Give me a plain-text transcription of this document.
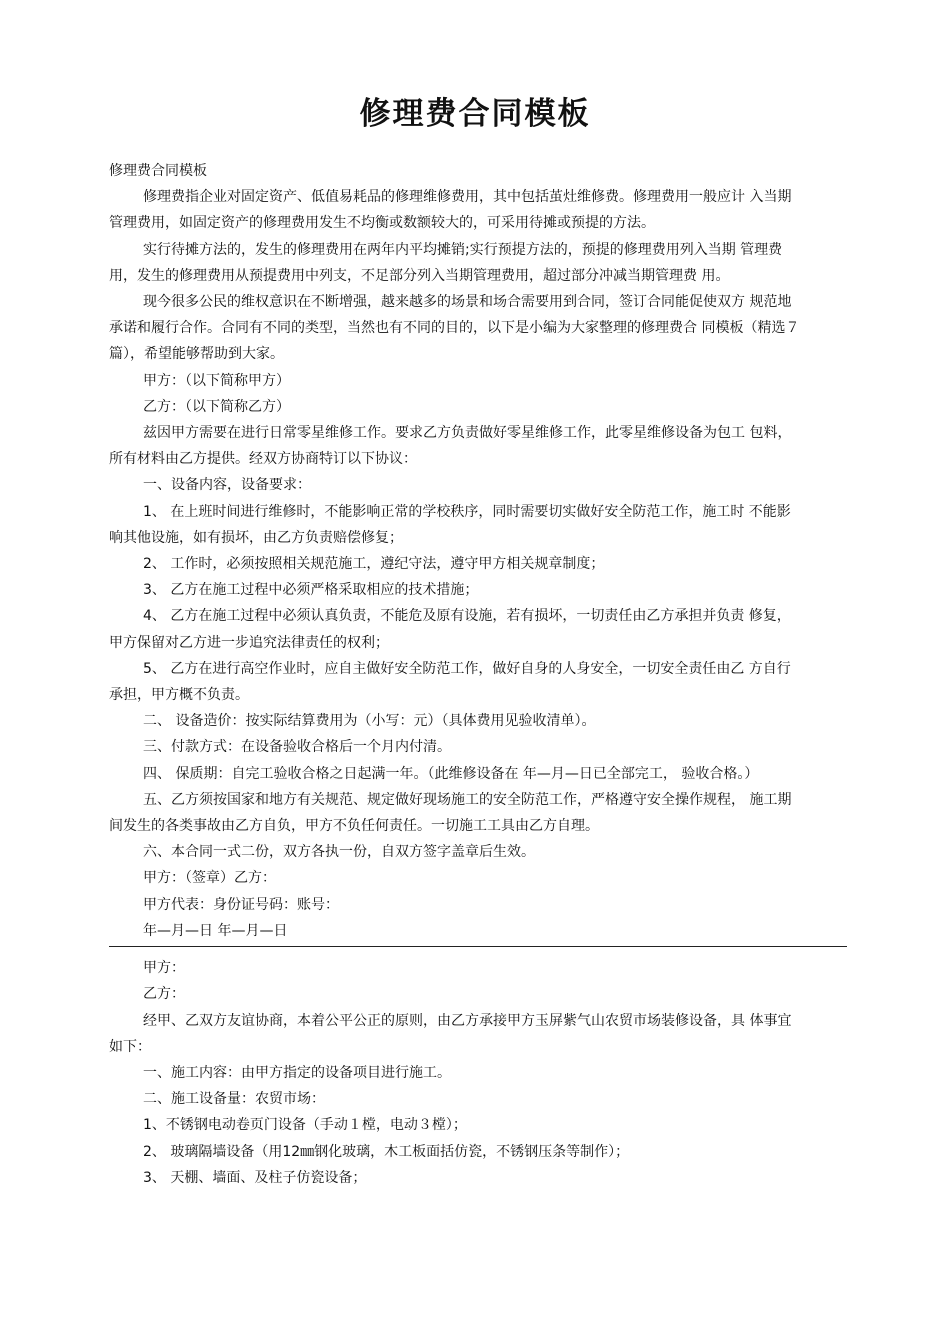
修理费合同模板
修理费合同模板
修理费指企业对固定资产、低值易耗品的修理维修费用，其中包括茧灶维修费。修理费用一般应计 入当期
管理费用，如固定资产的修理费用发生不均衡或数额较大的，可采用待摊或预提的方法。
实行待摊方法的，发生的修理费用在两年内平均摊销;实行预提方法的，预提的修理费用列入当期 管理费
用，发生的修理费用从预提费用中列支，不足部分列入当期管理费用，超过部分冲减当期管理费 用。
现今很多公民的维权意识在不断增强，越来越多的场景和场合需要用到合同，签订合同能促使双方 规范地
承诺和履行合作。合同有不同的类型，当然也有不同的目的，以下是小编为大家整理的修理费合 同模板（精选７
篇），希望能够帮助到大家。
甲方：（以下简称甲方）
乙方：（以下简称乙方）
兹因甲方需要在进行日常零星维修工作。要求乙方负责做好零星维修工作，此零星维修设备为包工 包料，
所有材料由乙方提供。经双方协商特订以下协议：
一、设备内容，设备要求：
1、 在上班时间进行维修时，不能影响正常的学校秩序，同时需要切实做好安全防范工作，施工时 不能影
响其他设施，如有损坏，由乙方负责赔偿修复；
2、 工作时，必须按照相关规范施工，遵纪守法，遵守甲方相关规章制度；
3、 乙方在施工过程中必须严格采取相应的技术措施；
4、 乙方在施工过程中必须认真负责，不能危及原有设施，若有损坏，一切责任由乙方承担并负责 修复，
甲方保留对乙方进一步追究法律责任的权利；
5、 乙方在进行高空作业时，应自主做好安全防范工作，做好自身的人身安全，一切安全责任由乙 方自行
承担，甲方概不负责。
二、 设备造价：按实际结算费用为（小写：元）（具体费用见验收清单）。
三、付款方式：在设备验收合格后一个月内付清。
四、 保质期：自完工验收合格之日起满一年。（此维修设备在 年—月—日已全部完工， 验收合格。）
五、乙方须按国家和地方有关规范、规定做好现场施工的安全防范工作，严格遵守安全操作规程， 施工期
间发生的各类事故由乙方自负，甲方不负任何责任。一切施工工具由乙方自理。
六、本合同一式二份，双方各执一份，自双方签字盖章后生效。
甲方：（签章）乙方：
甲方代表：身份证号码：账号：
年—月—日 年—月—日
甲方：
乙方：
经甲、乙双方友谊协商，本着公平公正的原则，由乙方承接甲方玉屏紫气山农贸市场装修设备，具 体事宜
如下：
一、施工内容：由甲方指定的设备项目进行施工。
二、施工设备量：农贸市场：
1、不锈钢电动卷页门设备（手动１樘，电动３樘）；
2、 玻璃隔墙设备（用12㎜钢化玻璃，木工板面括仿瓷，不锈钢压条等制作）；
3、 天棚、墙面、及柱子仿瓷设备；
